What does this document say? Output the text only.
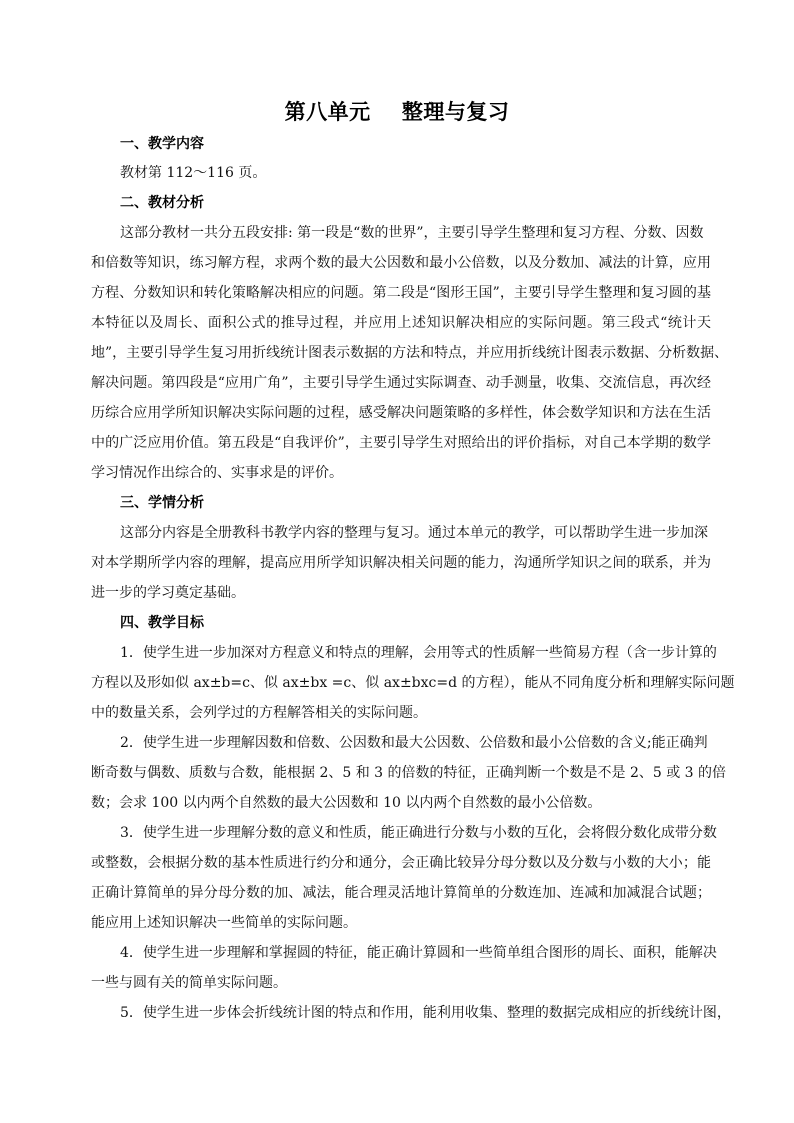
第八单元    整理与复习
一、教学内容
教材第 112～116 页。
二、教材分析
这部分教材一共分五段安排: 第一段是“数的世界”，主要引导学生整理和复习方程、分数、因数
和倍数等知识，练习解方程，求两个数的最大公因数和最小公倍数，以及分数加、减法的计算，应用
方程、分数知识和转化策略解决相应的问题。第二段是“图形王国”，主要引导学生整理和复习圆的基
本特征以及周长、面积公式的推导过程，并应用上述知识解决相应的实际问题。第三段式“统计天
地”，主要引导学生复习用折线统计图表示数据的方法和特点，并应用折线统计图表示数据、分析数据、
解决问题。第四段是“应用广角”，主要引导学生通过实际调查、动手测量，收集、交流信息，再次经
历综合应用学所知识解决实际问题的过程，感受解决问题策略的多样性，体会数学知识和方法在生活
中的广泛应用价值。第五段是“自我评价”，主要引导学生对照给出的评价指标，对自己本学期的数学
学习情况作出综合的、实事求是的评价。
三、学情分析
这部分内容是全册教科书教学内容的整理与复习。通过本单元的教学，可以帮助学生进一步加深
对本学期所学内容的理解，提高应用所学知识解决相关问题的能力，沟通所学知识之间的联系，并为
进一步的学习奠定基础。
四、教学目标
1．使学生进一步加深对方程意义和特点的理解，会用等式的性质解一些简易方程（含一步计算的
方程以及形如似 ax±b=c、似 ax±bx =c、似 ax±bxc=d 的方程），能从不同角度分析和理解实际问题
中的数量关系，会列学过的方程解答相关的实际问题。
2．使学生进一步理解因数和倍数、公因数和最大公因数、公倍数和最小公倍数的含义;能正确判
断奇数与偶数、质数与合数，能根据 2、5 和 3 的倍数的特征，正确判断一个数是不是 2、5 或 3 的倍
数；会求 100 以内两个自然数的最大公因数和 10 以内两个自然数的最小公倍数。
3．使学生进一步理解分数的意义和性质，能正确进行分数与小数的互化，会将假分数化成带分数
或整数，会根据分数的基本性质进行约分和通分，会正确比较异分母分数以及分数与小数的大小；能
正确计算简单的异分母分数的加、减法，能合理灵活地计算简单的分数连加、连减和加减混合试题；
能应用上述知识解决一些简单的实际问题。
4．使学生进一步理解和掌握圆的特征，能正确计算圆和一些简单组合图形的周长、面积，能解决
一些与圆有关的简单实际问题。
5．使学生进一步体会折线统计图的特点和作用，能利用收集、整理的数据完成相应的折线统计图，
